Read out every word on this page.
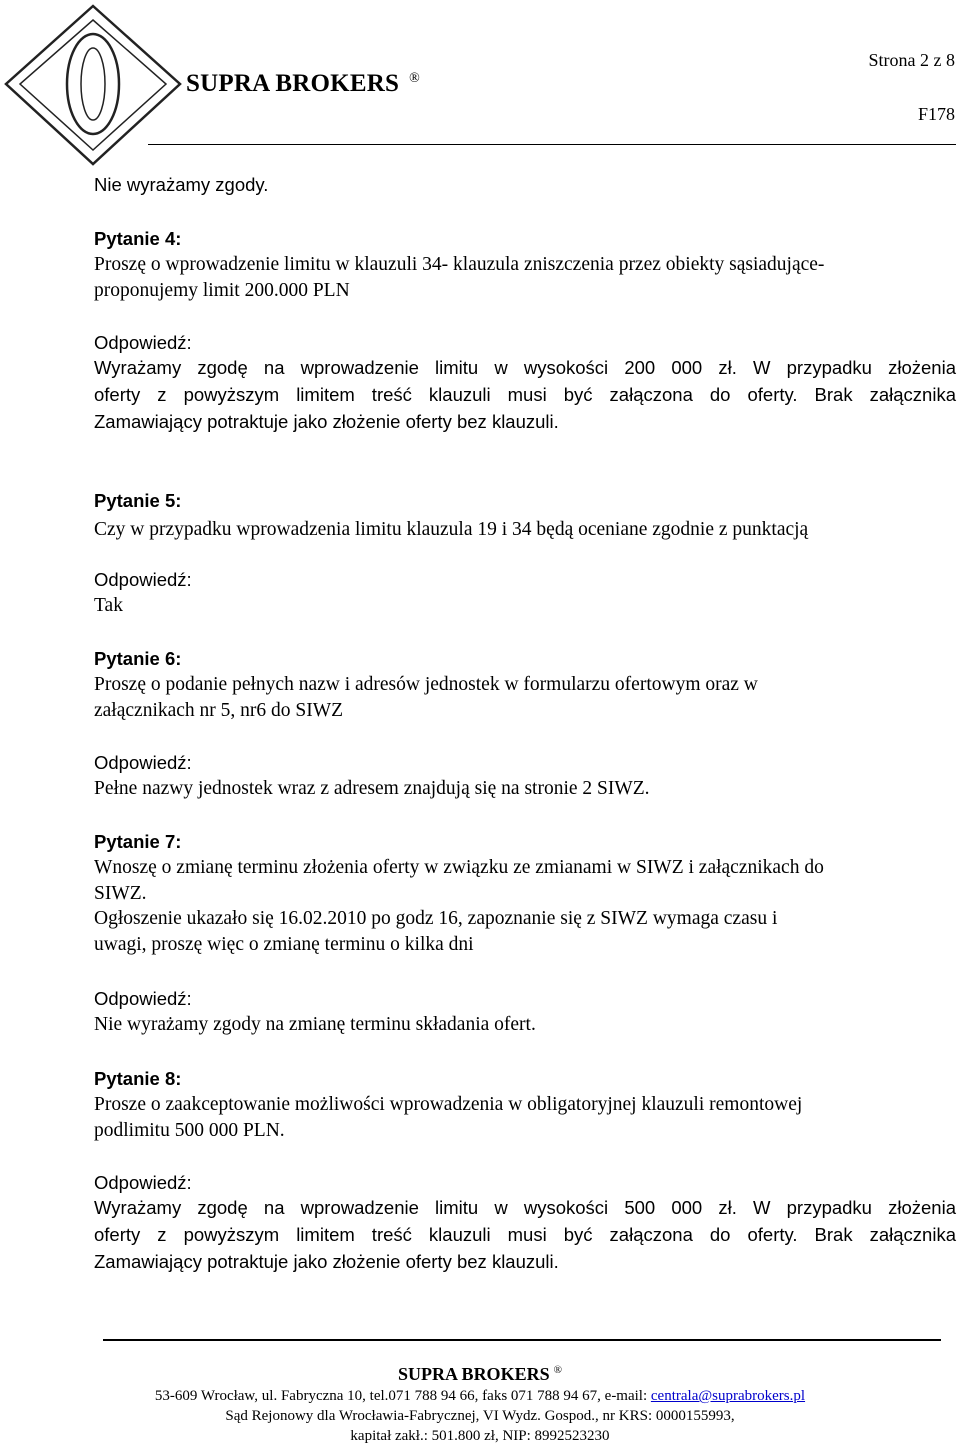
SUPRA BROKERS ®
Strona 2 z 8
F178
Nie wyrażamy zgody.
Pytanie 4:
Proszę o wprowadzenie limitu w klauzuli 34- klauzula zniszczenia przez obiekty sąsiadujące-
proponujemy limit 200.000 PLN
Odpowiedź:
Wyrażamy zgodę na wprowadzenie limitu w wysokości 200 000 zł. W przypadku złożenia
oferty z powyższym limitem treść klauzuli musi być załączona do oferty. Brak załącznika
Zamawiający potraktuje jako złożenie oferty bez klauzuli.
Pytanie 5:
Czy w przypadku wprowadzenia limitu klauzula 19 i 34 będą oceniane zgodnie z punktacją
Odpowiedź:
Tak
Pytanie 6:
Proszę o podanie pełnych nazw i adresów jednostek w formularzu ofertowym oraz w
załącznikach nr 5, nr6 do SIWZ
Odpowiedź:
Pełne nazwy jednostek wraz z adresem znajdują się na stronie 2 SIWZ.
Pytanie 7:
Wnoszę o zmianę terminu złożenia oferty w związku ze zmianami w SIWZ i załącznikach do
SIWZ.
Ogłoszenie ukazało się 16.02.2010 po godz 16, zapoznanie się z SIWZ wymaga czasu i
uwagi, proszę więc o zmianę terminu o kilka dni
Odpowiedź:
Nie wyrażamy zgody na zmianę terminu składania ofert.
Pytanie 8:
Prosze o zaakceptowanie możliwości wprowadzenia w obligatoryjnej klauzuli remontowej
podlimitu 500 000 PLN.
Odpowiedź:
Wyrażamy zgodę na wprowadzenie limitu w wysokości 500 000 zł. W przypadku złożenia
oferty z powyższym limitem treść klauzuli musi być załączona do oferty. Brak załącznika
Zamawiający potraktuje jako złożenie oferty bez klauzuli.
SUPRA BROKERS ®
53-609 Wrocław, ul. Fabryczna 10, tel.071 788 94 66, faks 071 788 94 67, e-mail: centrala@suprabrokers.pl
Sąd Rejonowy dla Wrocławia-Fabrycznej, VI Wydz. Gospod., nr KRS: 0000155993,
kapitał zakł.: 501.800 zł, NIP: 8992523230
